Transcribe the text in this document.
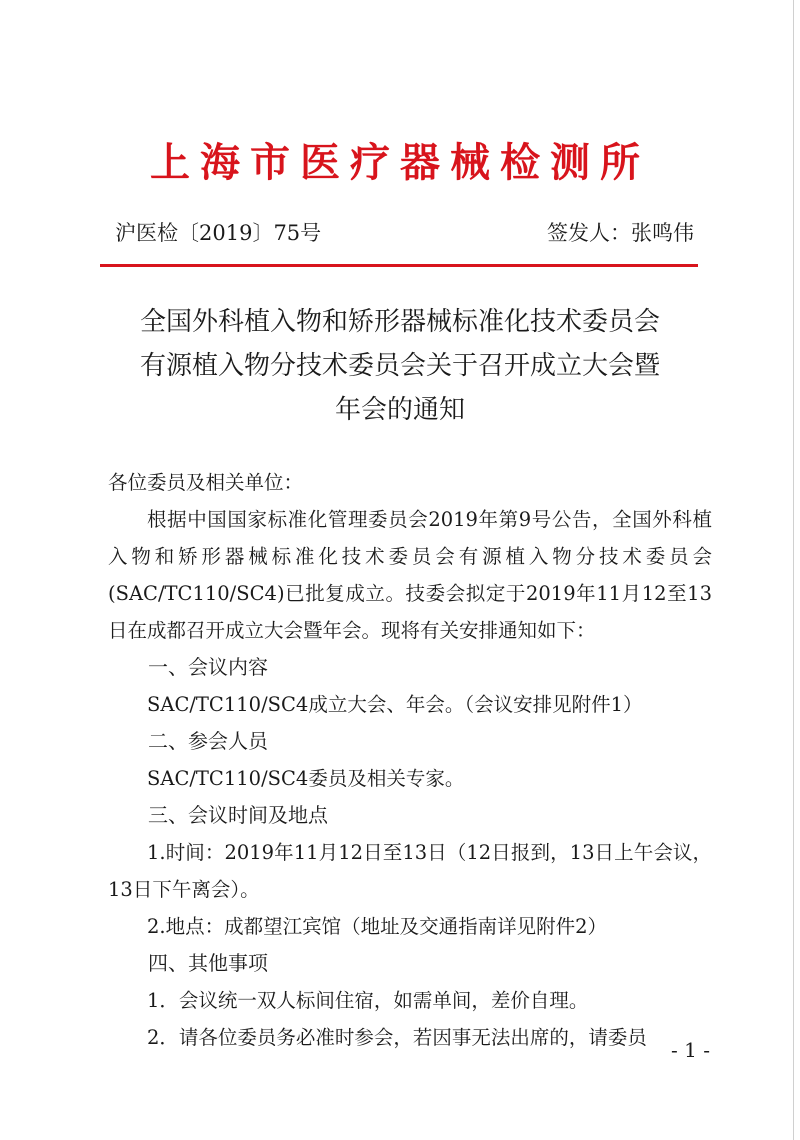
上海市医疗器械检测所
沪医检〔2019〕75号	签发人：张鸣伟
全国外科植入物和矫形器械标准化技术委员会
有源植入物分技术委员会关于召开成立大会暨
年会的通知
各位委员及相关单位：
根据中国国家标准化管理委员会2019年第9号公告，全国外科植入物和矫形器械标准化技术委员会有源植入物分技术委员会(SAC/TC110/SC4)已批复成立。技委会拟定于2019年11月12至13日在成都召开成立大会暨年会。现将有关安排通知如下：
一、会议内容
SAC/TC110/SC4成立大会、年会。（会议安排见附件1）
二、参会人员
SAC/TC110/SC4委员及相关专家。
三、会议时间及地点
1.时间：2019年11月12日至13日（12日报到，13日上午会议，13日下午离会）。
2.地点：成都望江宾馆（地址及交通指南详见附件2）
四、其他事项
1．会议统一双人标间住宿，如需单间，差价自理。
2．请各位委员务必准时参会，若因事无法出席的，请委员
- 1 -
